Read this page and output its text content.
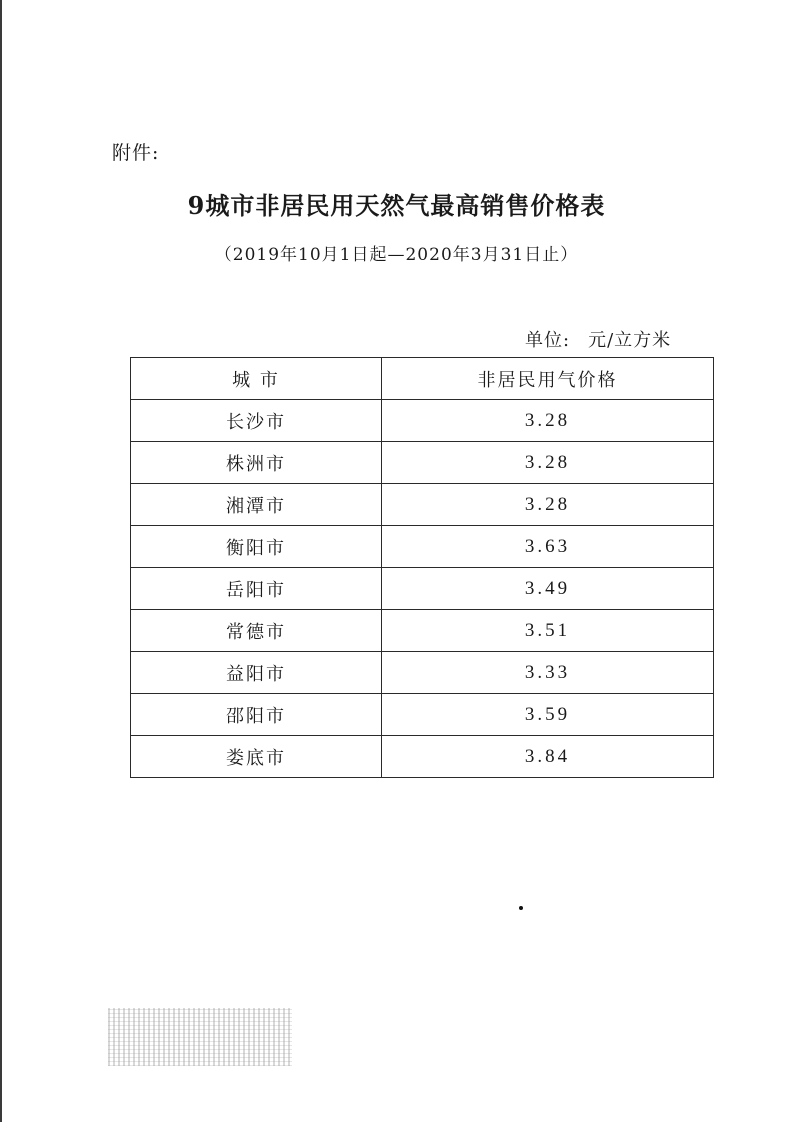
附件:
9城市非居民用天然气最高销售价格表
（2019年10月1日起—2020年3月31日止）
单位: 元/立方米
城 市	非居民用气价格
长沙市	3.28
株洲市	3.28
湘潭市	3.28
衡阳市	3.63
岳阳市	3.49
常德市	3.51
益阳市	3.33
邵阳市	3.59
娄底市	3.84
